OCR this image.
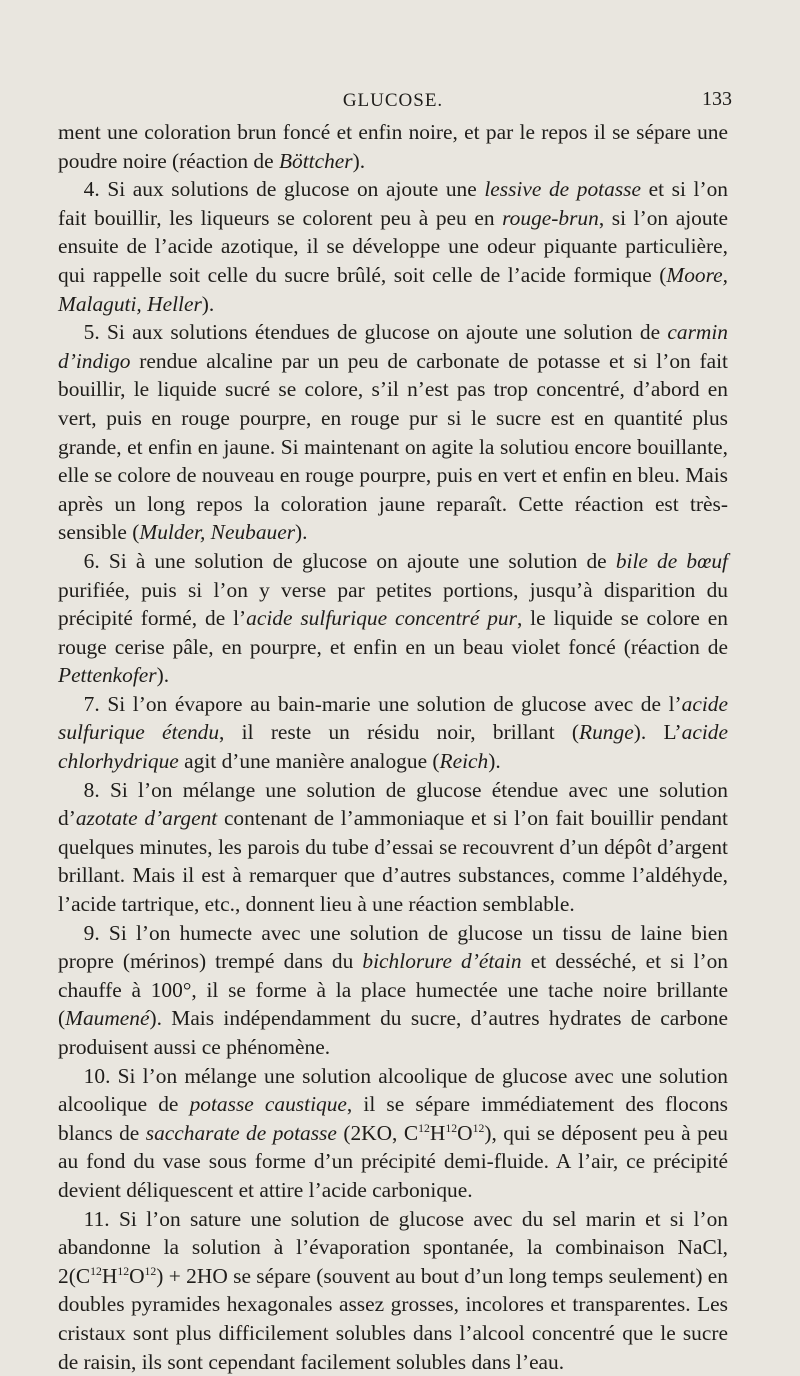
GLUCOSE.	133

ment une coloration brun foncé et enfin noire, et par le repos il se sépare une poudre noire (réaction de Böttcher).

4. Si aux solutions de glucose on ajoute une lessive de potasse et si l’on fait bouillir, les liqueurs se colorent peu à peu en rouge-brun, si l’on ajoute ensuite de l’acide azotique, il se développe une odeur piquante particulière, qui rappelle soit celle du sucre brûlé, soit celle de l’acide formique (Moore, Malaguti, Heller).

5. Si aux solutions étendues de glucose on ajoute une solution de carmin d’indigo rendue alcaline par un peu de carbonate de potasse et si l’on fait bouillir, le liquide sucré se colore, s’il n’est pas trop concentré, d’abord en vert, puis en rouge pourpre, en rouge pur si le sucre est en quantité plus grande, et enfin en jaune. Si maintenant on agite la solutiou encore bouillante, elle se colore de nouveau en rouge pourpre, puis en vert et enfin en bleu. Mais après un long repos la coloration jaune reparaît. Cette réaction est très-sensible (Mulder, Neubauer).

6. Si à une solution de glucose on ajoute une solution de bile de bœuf purifiée, puis si l’on y verse par petites portions, jusqu’à disparition du précipité formé, de l’acide sulfurique concentré pur, le liquide se colore en rouge cerise pâle, en pourpre, et enfin en un beau violet foncé (réaction de Pettenkofer).

7. Si l’on évapore au bain-marie une solution de glucose avec de l’acide sulfurique étendu, il reste un résidu noir, brillant (Runge). L’acide chlorhydrique agit d’une manière analogue (Reich).

8. Si l’on mélange une solution de glucose étendue avec une solution d’azotate d’argent contenant de l’ammoniaque et si l’on fait bouillir pendant quelques minutes, les parois du tube d’essai se recouvrent d’un dépôt d’argent brillant. Mais il est à remarquer que d’autres substances, comme l’aldéhyde, l’acide tartrique, etc., donnent lieu à une réaction semblable.

9. Si l’on humecte avec une solution de glucose un tissu de laine bien propre (mérinos) trempé dans du bichlorure d’étain et desséché, et si l’on chauffe à 100°, il se forme à la place humectée une tache noire brillante (Maumené). Mais indépendamment du sucre, d’autres hydrates de carbone produisent aussi ce phénomène.

10. Si l’on mélange une solution alcoolique de glucose avec une solution alcoolique de potasse caustique, il se sépare immédiatement des flocons blancs de saccharate de potasse (2KO, $C^{12}H^{12}O^{12}$), qui se déposent peu à peu au fond du vase sous forme d’un précipité demi-fluide. A l’air, ce précipité devient déliquescent et attire l’acide carbonique.

11. Si l’on sature une solution de glucose avec du sel marin et si l’on abandonne la solution à l’évaporation spontanée, la combinaison NaCl, $2(C^{12}H^{12}O^{12}) + 2HO$ se sépare (souvent au bout d’un long temps seulement) en doubles pyramides hexagonales assez grosses, incolores et transparentes. Les cristaux sont plus difficilement solubles dans l’alcool concentré que le sucre de raisin, ils sont cependant facilement solubles dans l’eau.
